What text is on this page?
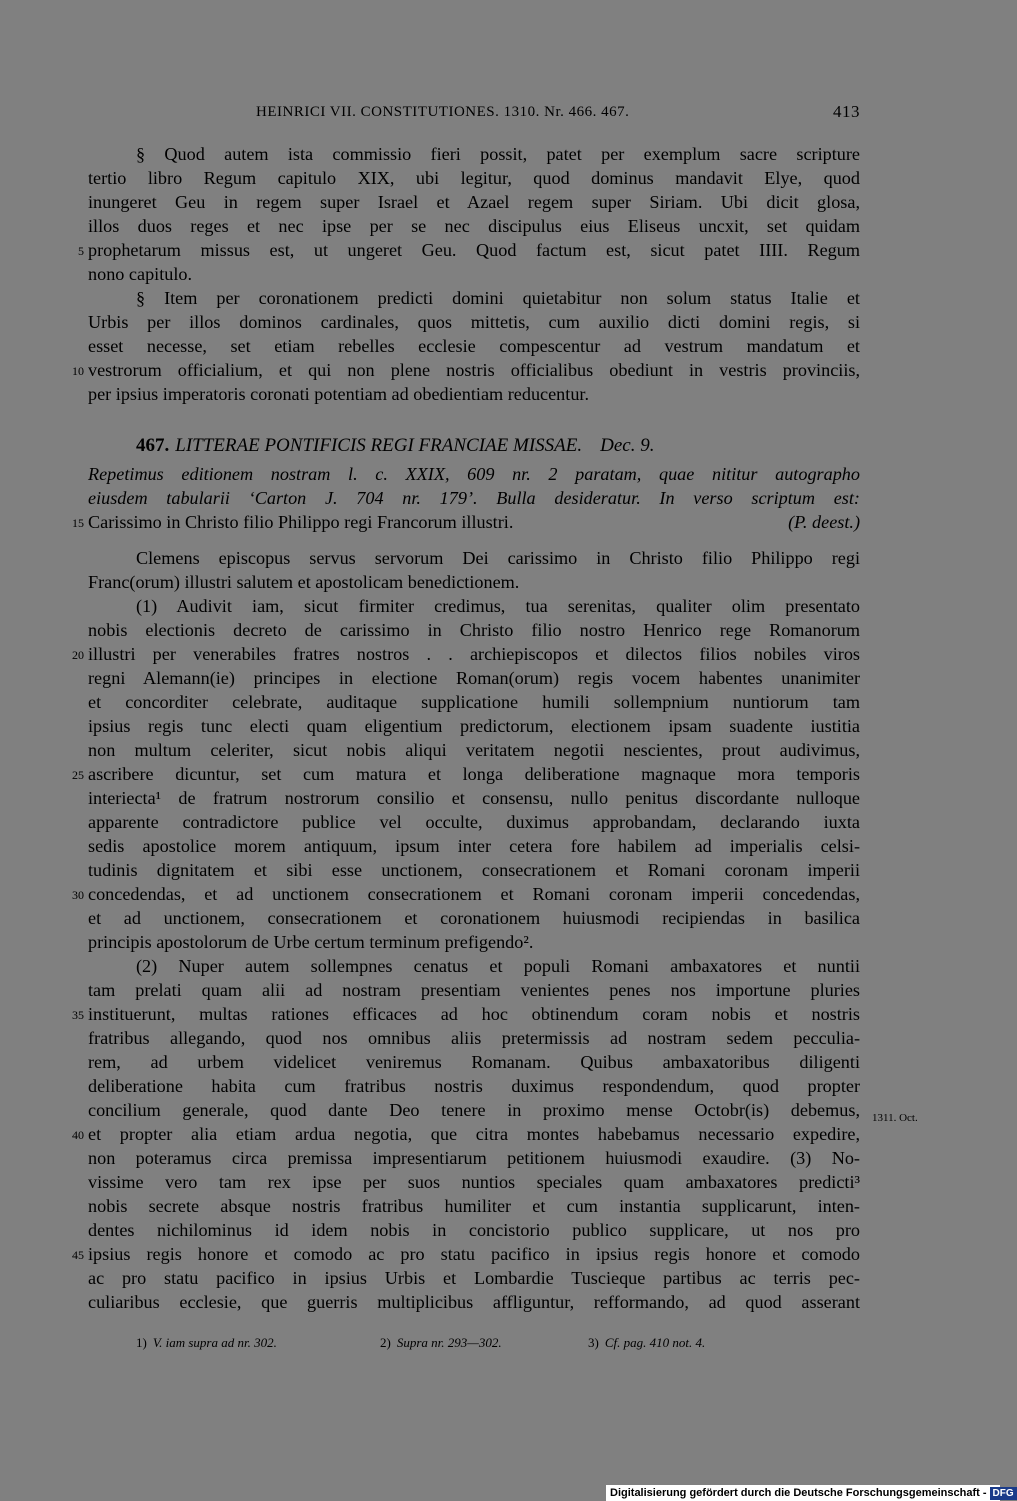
HEINRICI VII. CONSTITUTIONES. 1310. Nr. 466. 467.	413
§ Quod autem ista commissio fieri possit, patet per exemplum sacre scripture
tertio libro Regum capitulo XIX, ubi legitur, quod dominus mandavit Elye, quod
inungeret Geu in regem super Israel et Azael regem super Siriam. Ubi dicit glosa,
illos duos reges et nec ipse per se nec discipulus eius Eliseus uncxit, set quidam
5 prophetarum missus est, ut ungeret Geu. Quod factum est, sicut patet IIII. Regum
nono capitulo.
§ Item per coronationem predicti domini quietabitur non solum status Italie et
Urbis per illos dominos cardinales, quos mittetis, cum auxilio dicti domini regis, si
esset necesse, set etiam rebelles ecclesie compescentur ad vestrum mandatum et
10 vestrorum officialium, et qui non plene nostris officialibus obediunt in vestris provinciis,
per ipsius imperatoris coronati potentiam ad obedientiam reducentur.
467. LITTERAE PONTIFICIS REGI FRANCIAE MISSAE. Dec. 9.
Repetimus editionem nostram l. c. XXIX, 609 nr. 2 paratam, quae nititur autographo
eiusdem tabularii ‘Carton J. 704 nr. 179’. Bulla desideratur. In verso scriptum est:
15 Carissimo in Christo filio Philippo regi Francorum illustri.	(P. deest.)
Clemens episcopus servus servorum Dei carissimo in Christo filio Philippo regi
Franc(orum) illustri salutem et apostolicam benedictionem.
(1) Audivit iam, sicut firmiter credimus, tua serenitas, qualiter olim presentato
nobis electionis decreto de carissimo in Christo filio nostro Henrico rege Romanorum
20 illustri per venerabiles fratres nostros . . archiepiscopos et dilectos filios nobiles viros
regni Alemann(ie) principes in electione Roman(orum) regis vocem habentes unanimiter
et concorditer celebrate, auditaque supplicatione humili sollempnium nuntiorum tam
ipsius regis tunc electi quam eligentium predictorum, electionem ipsam suadente iustitia
non multum celeriter, sicut nobis aliqui veritatem negotii nescientes, prout audivimus,
25 ascribere dicuntur, set cum matura et longa deliberatione magnaque mora temporis
interiecta¹ de fratrum nostrorum consilio et consensu, nullo penitus discordante nulloque
apparente contradictore publice vel occulte, duximus approbandam, declarando iuxta
sedis apostolice morem antiquum, ipsum inter cetera fore habilem ad imperialis celsi-
tudinis dignitatem et sibi esse unctionem, consecrationem et Romani coronam imperii
30 concedendas, et ad unctionem consecrationem et Romani coronam imperii concedendas,
et ad unctionem, consecrationem et coronationem huiusmodi recipiendas in basilica
principis apostolorum de Urbe certum terminum prefigendo².
(2) Nuper autem sollempnes cenatus et populi Romani ambaxatores et nuntii
tam prelati quam alii ad nostram presentiam venientes penes nos importune pluries
35 instituerunt, multas rationes efficaces ad hoc obtinendum coram nobis et nostris
fratribus allegando, quod nos omnibus aliis pretermissis ad nostram sedem pecculia-
rem, ad urbem videlicet veniremus Romanam. Quibus ambaxatoribus diligenti
deliberatione habita cum fratribus nostris duximus respondendum, quod propter
concilium generale, quod dante Deo tenere in proximo mense Octobr(is) debemus,
40 et propter alia etiam ardua negotia, que citra montes habebamus necessario expedire,
non poteramus circa premissa impresentiarum petitionem huiusmodi exaudire. (3) No-
vissime vero tam rex ipse per suos nuntios speciales quam ambaxatores predicti³
nobis secrete absque nostris fratribus humiliter et cum instantia supplicarunt, inten-
dentes nichilominus id idem nobis in concistorio publico supplicare, ut nos pro
45 ipsius regis honore et comodo ac pro statu pacifico in ipsius regis honore et comodo
ac pro statu pacifico in ipsius Urbis et Lombardie Tuscieque partibus ac terris pec-
culiaribus ecclesie, que guerris multiplicibus affliguntur, refformando, ad quod asserant
1311. Oct.
1) V. iam supra ad nr. 302.	2) Supra nr. 293—302.	3) Cf. pag. 410 not. 4.
Digitalisierung gefördert durch die Deutsche Forschungsgemeinschaft - DFG
